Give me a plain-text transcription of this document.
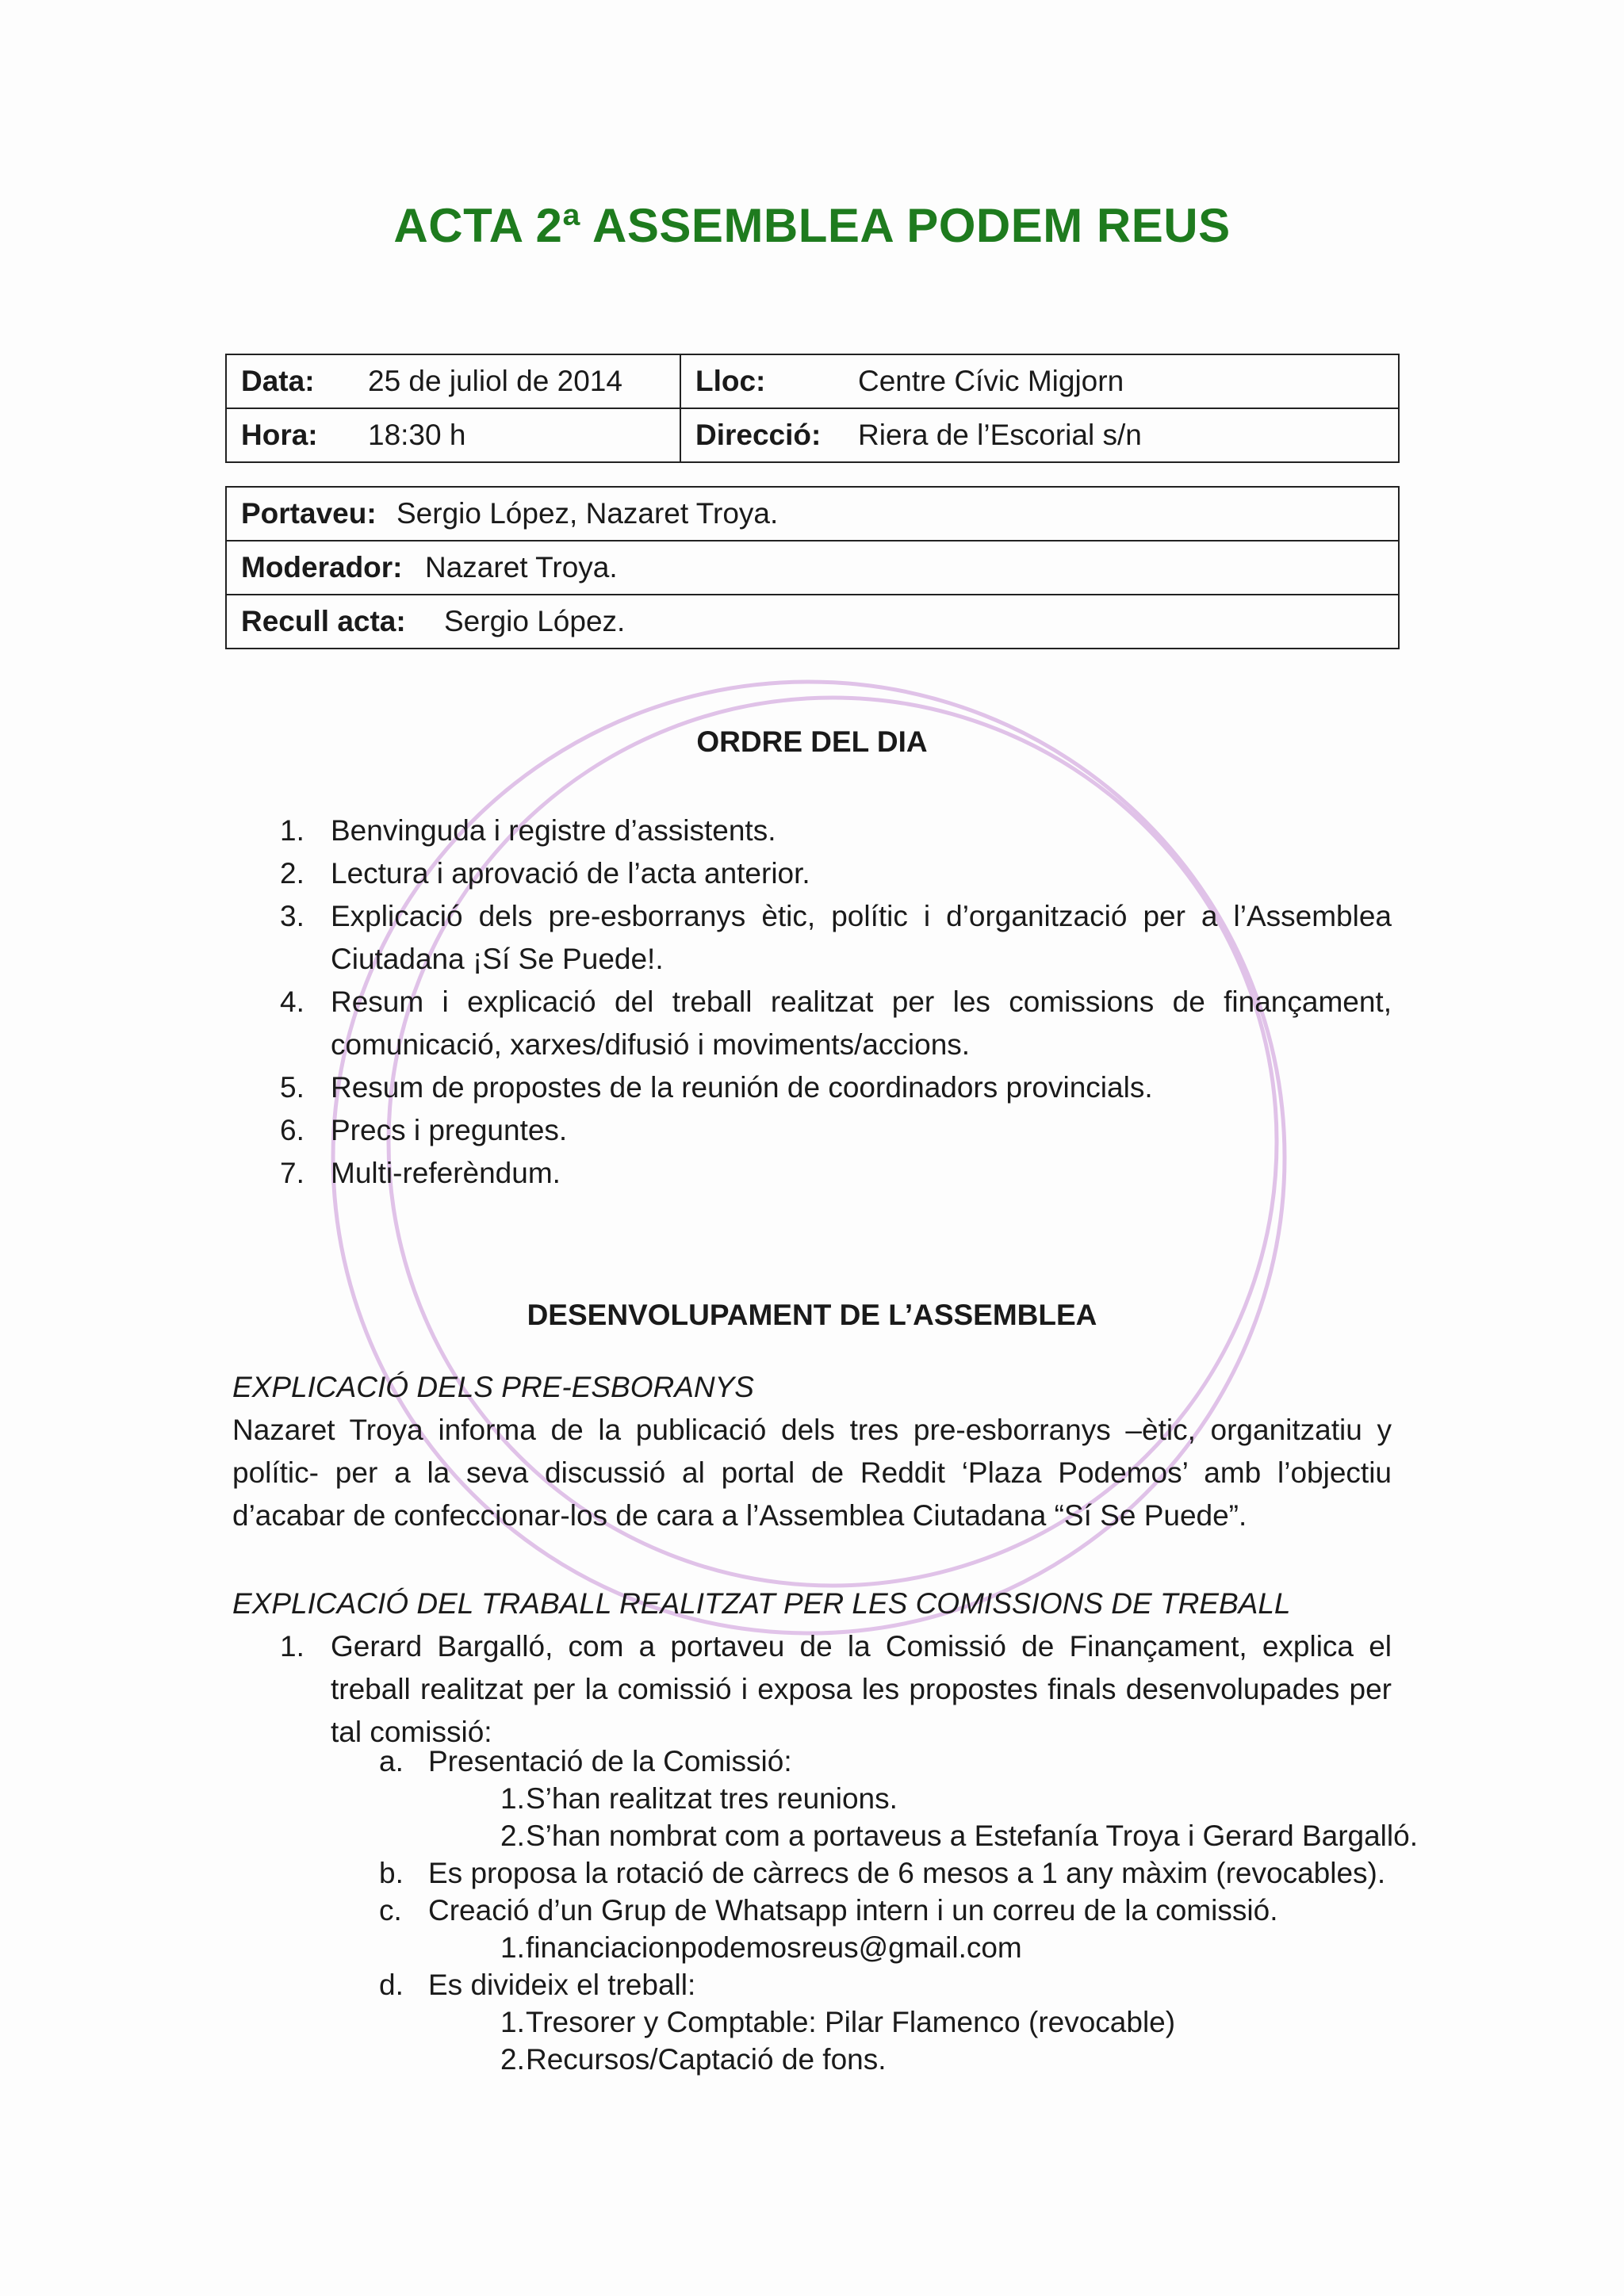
ACTA 2ª ASSEMBLEA PODEM REUS
Data: 25 de juliol de 2014	Lloc: Centre Cívic Migjorn
Hora: 18:30 h	Direcció: Riera de l’Escorial s/n
Portaveu: Sergio López, Nazaret Troya.
Moderador: Nazaret Troya.
Recull acta: Sergio López.
ORDRE DEL DIA
1. Benvinguda i registre d’assistents.
2. Lectura i aprovació de l’acta anterior.
3. Explicació dels pre-esborranys ètic, polític i d’organització per a l’Assemblea Ciutadana ¡Sí Se Puede!.
4. Resum i explicació del treball realitzat per les comissions de finançament, comunicació, xarxes/difusió i moviments/accions.
5. Resum de propostes de la reunión de coordinadors provincials.
6. Precs i preguntes.
7. Multi-referèndum.
DESENVOLUPAMENT DE L’ASSEMBLEA
EXPLICACIÓ DELS PRE-ESBORANYS
Nazaret Troya informa de la publicació dels tres pre-esborranys –ètic, organitzatiu y polític- per a la seva discussió al portal de Reddit ‘Plaza Podemos’ amb l’objectiu d’acabar de confeccionar-los de cara a l’Assemblea Ciutadana “Sí Se Puede”.
EXPLICACIÓ DEL TRABALL REALITZAT PER LES COMISSIONS DE TREBALL
1. Gerard Bargalló, com a portaveu de la Comissió de Finançament, explica el treball realitzat per la comissió i exposa les propostes finals desenvolupades per tal comissió:
a. Presentació de la Comissió:
1. S’han realitzat tres reunions.
2. S’han nombrat com a portaveus a Estefanía Troya i Gerard Bargalló.
b. Es proposa la rotació de càrrecs de 6 mesos a 1 any màxim (revocables).
c. Creació d’un Grup de Whatsapp intern i un correu de la comissió.
1. financiacionpodemosreus@gmail.com
d. Es divideix el treball:
1. Tresorer y Comptable: Pilar Flamenco (revocable)
2. Recursos/Captació de fons.
